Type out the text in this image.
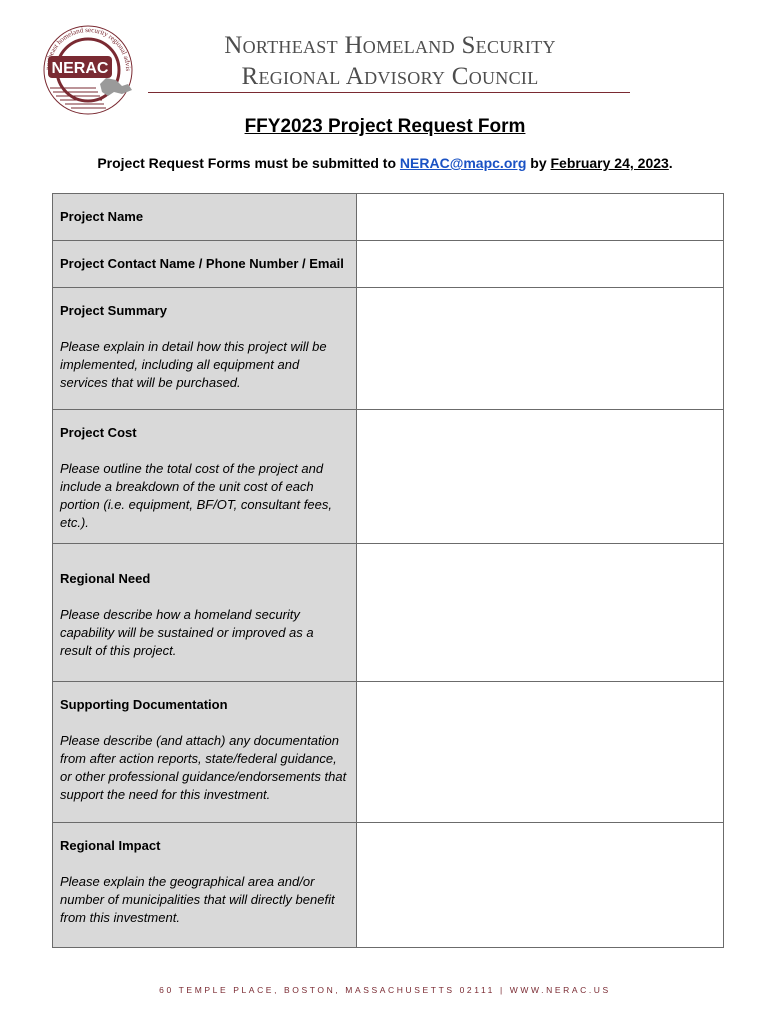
NERAC
northeast homeland security regional advis
Northeast Homeland Security
Regional Advisory Council
FFY2023 Project Request Form
Project Request Forms must be submitted to NERAC@mapc.org by February 24, 2023.
Project Name	

Project Contact Name / Phone Number / Email	

Project Summary
Please explain in detail how this project will be implemented, including all equipment and services that will be purchased.	

Project Cost
Please outline the total cost of the project and include a breakdown of the unit cost of each portion (i.e. equipment, BF/OT, consultant fees, etc.).	

Regional Need
Please describe how a homeland security capability will be sustained or improved as a result of this project.	

Supporting Documentation
Please describe (and attach) any documentation from after action reports, state/federal guidance, or other professional guidance/endorsements that support the need for this investment.	

Regional Impact
Please explain the geographical area and/or number of municipalities that will directly benefit from this investment.	

60 TEMPLE PLACE, BOSTON, MASSACHUSETTS 02111 | WWW.NERAC.US
